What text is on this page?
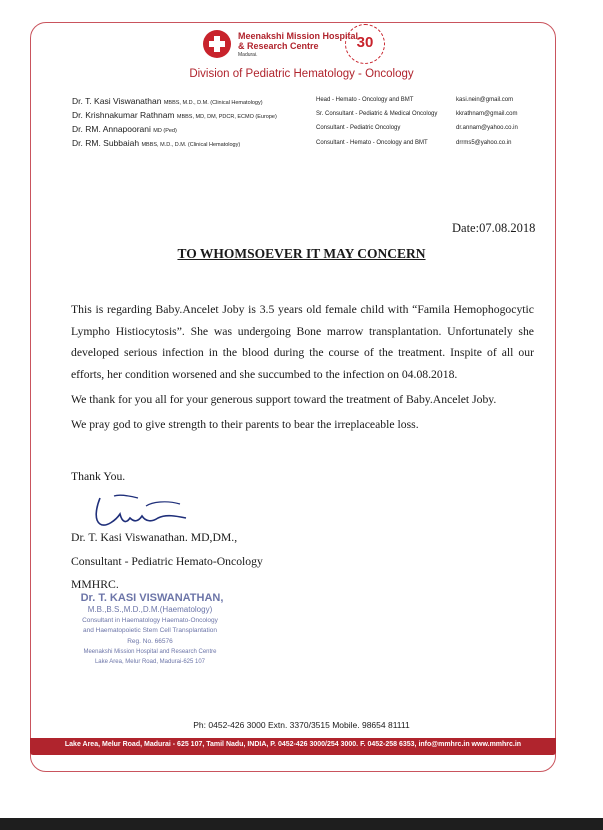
Meenakshi Mission Hospital
& Research Centre
Madurai.
30
Division of Pediatric Hematology - Oncology
Dr. T. Kasi Viswanathan MBBS, M.D., D.M. (Clinical Hematology)	Head - Hemato - Oncology and BMT	kasi.nein@gmail.com
Dr. Krishnakumar Rathnam MBBS, MD, DM, PDCR, ECMO (Europe)	Sr. Consultant - Pediatric & Medical Oncology	kkrathnam@gmail.com
Dr. RM. Annapoorani MD (Ped)	Consultant - Pediatric Oncology	dr.annam@yahoo.co.in
Dr. RM. Subbaiah MBBS, M.D., D.M. (Clinical Hematology)	Consultant - Hemato - Oncology and BMT	drrms5@yahoo.co.in
Date:07.08.2018
TO WHOMSOEVER IT MAY CONCERN
This is regarding Baby.Ancelet Joby is 3.5 years old female child with “Famila Hemophogocytic Lympho Histiocytosis”. She was undergoing Bone marrow transplantation. Unfortunately she developed serious infection in the blood during the course of the treatment. Inspite of all our efforts, her condition worsened and she succumbed to the infection on 04.08.2018.
We thank for you all for your generous support toward the treatment of Baby.Ancelet Joby.
We pray god to give strength to their parents to bear the irreplaceable loss.
Thank You.
Dr. T. Kasi Viswanathan. MD,DM.,
Consultant - Pediatric Hemato-Oncology
MMHRC.
Dr. T. KASI VISWANATHAN,
M.B.,B.S.,M.D.,D.M.(Haematology)
Consultant in Haematology Haemato-Oncology
and Haematopoietic Stem Cell Transplantation
Reg. No. 66576
Meenakshi Mission Hospital and Research Centre
Lake Area, Melur Road, Madurai-625 107
Ph: 0452-426 3000 Extn. 3370/3515 Mobile. 98654 81111
Lake Area, Melur Road, Madurai - 625 107, Tamil Nadu, INDIA, P. 0452-426 3000/254 3000. F. 0452-258 6353, info@mmhrc.in www.mmhrc.in
